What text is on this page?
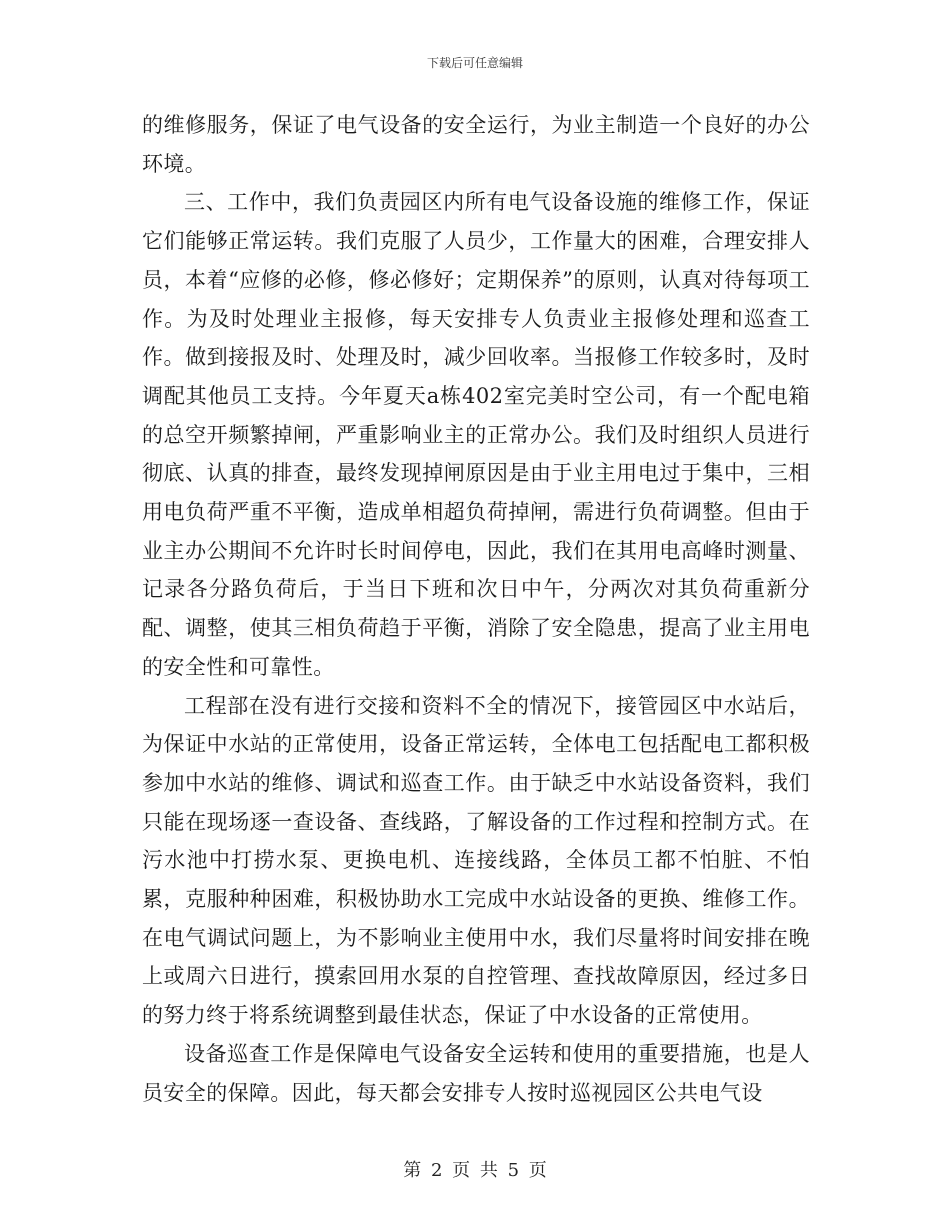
下载后可任意编辑

的维修服务，保证了电气设备的安全运行，为业主制造一个良好的办公环境。

三、工作中，我们负责园区内所有电气设备设施的维修工作，保证它们能够正常运转。我们克服了人员少，工作量大的困难，合理安排人员，本着“应修的必修，修必修好；定期保养”的原则，认真对待每项工作。为及时处理业主报修，每天安排专人负责业主报修处理和巡查工作。做到接报及时、处理及时，减少回收率。当报修工作较多时，及时调配其他员工支持。今年夏天a栋402室完美时空公司，有一个配电箱的总空开频繁掉闸，严重影响业主的正常办公。我们及时组织人员进行彻底、认真的排查，最终发现掉闸原因是由于业主用电过于集中，三相用电负荷严重不平衡，造成单相超负荷掉闸，需进行负荷调整。但由于业主办公期间不允许时长时间停电，因此，我们在其用电高峰时测量、记录各分路负荷后，于当日下班和次日中午，分两次对其负荷重新分配、调整，使其三相负荷趋于平衡，消除了安全隐患，提高了业主用电的安全性和可靠性。

工程部在没有进行交接和资料不全的情况下，接管园区中水站后，为保证中水站的正常使用，设备正常运转，全体电工包括配电工都积极参加中水站的维修、调试和巡查工作。由于缺乏中水站设备资料，我们只能在现场逐一查设备、查线路，了解设备的工作过程和控制方式。在污水池中打捞水泵、更换电机、连接线路，全体员工都不怕脏、不怕累，克服种种困难，积极协助水工完成中水站设备的更换、维修工作。在电气调试问题上，为不影响业主使用中水，我们尽量将时间安排在晚上或周六日进行，摸索回用水泵的自控管理、查找故障原因，经过多日的努力终于将系统调整到最佳状态，保证了中水设备的正常使用。

设备巡查工作是保障电气设备安全运转和使用的重要措施，也是人员安全的保障。因此，每天都会安排专人按时巡视园区公共电气设

第 2 页 共 5 页
